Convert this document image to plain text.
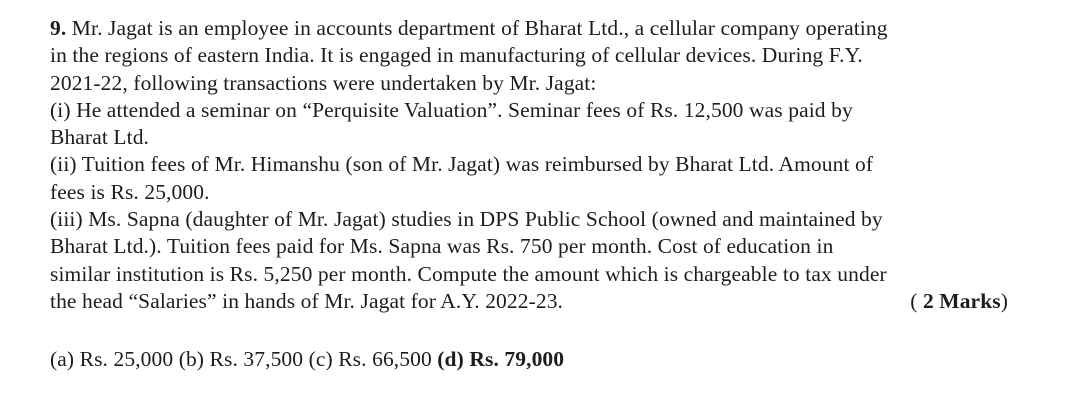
9. Mr. Jagat is an employee in accounts department of Bharat Ltd., a cellular company operating
in the regions of eastern India. It is engaged in manufacturing of cellular devices. During F.Y.
2021-22, following transactions were undertaken by Mr. Jagat:
(i) He attended a seminar on “Perquisite Valuation”. Seminar fees of Rs. 12,500 was paid by
Bharat Ltd.
(ii) Tuition fees of Mr. Himanshu (son of Mr. Jagat) was reimbursed by Bharat Ltd. Amount of
fees is Rs. 25,000.
(iii) Ms. Sapna (daughter of Mr. Jagat) studies in DPS Public School (owned and maintained by
Bharat Ltd.). Tuition fees paid for Ms. Sapna was Rs. 750 per month. Cost of education in
similar institution is Rs. 5,250 per month. Compute the amount which is chargeable to tax under
the head “Salaries” in hands of Mr. Jagat for A.Y. 2022-23.	( 2 Marks)
(a) Rs. 25,000 (b) Rs. 37,500 (c) Rs. 66,500 (d) Rs. 79,000
